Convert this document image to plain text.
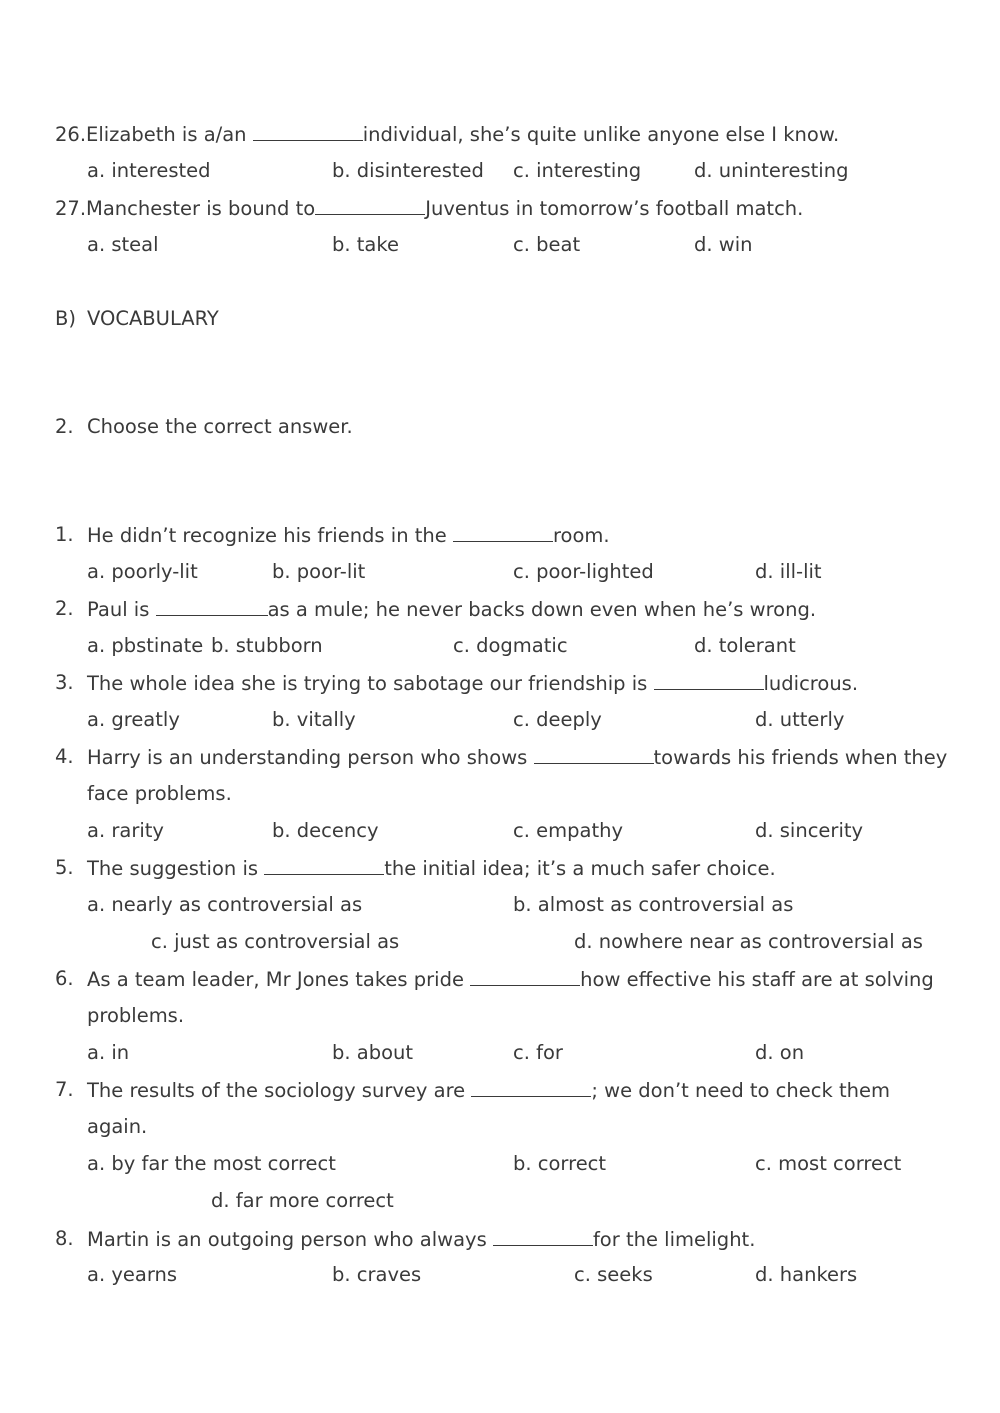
26.Elizabeth is a/an	individual, she’s quite unlike anyone else I know.
a. interested	b. disinterested c. interesting	d. uninteresting
27.Manchester is bound to	Juventus in tomorrow’s football match.
a. steal	b. take	c. beat	d. win
B) VOCABULARY
2. Choose the correct answer.
1. He didn’t recognize his friends in the	room.
a. poorly-lit	b. poor-lit	c. poor-lighted	d. ill-lit
2. Paul is	as a mule; he never backs down even when he’s wrong.
a. pbstinate b. stubborn	c. dogmatic	d. tolerant
3. The whole idea she is trying to sabotage our friendship is	ludicrous.
a. greatly	b. vitally	c. deeply	d. utterly
4. Harry is an understanding person who shows	towards his friends when they
face problems.
a. rarity	b. decency	c. empathy	d. sincerity
5. The suggestion is	the initial idea; it’s a much safer choice.
a. nearly as controversial as	b. almost as controversial as
c. just as controversial as	d. nowhere near as controversial as
6. As a team leader, Mr Jones takes pride	how effective his staff are at solving
problems.
a. in	b. about	c. for	d. on
7. The results of the sociology survey are	; we don’t need to check them
again.
a. by far the most correct	b. correct	c. most correct
d. far more correct
8. Martin is an outgoing person who always	for the limelight.
a. yearns	b. craves	c. seeks	d. hankers
